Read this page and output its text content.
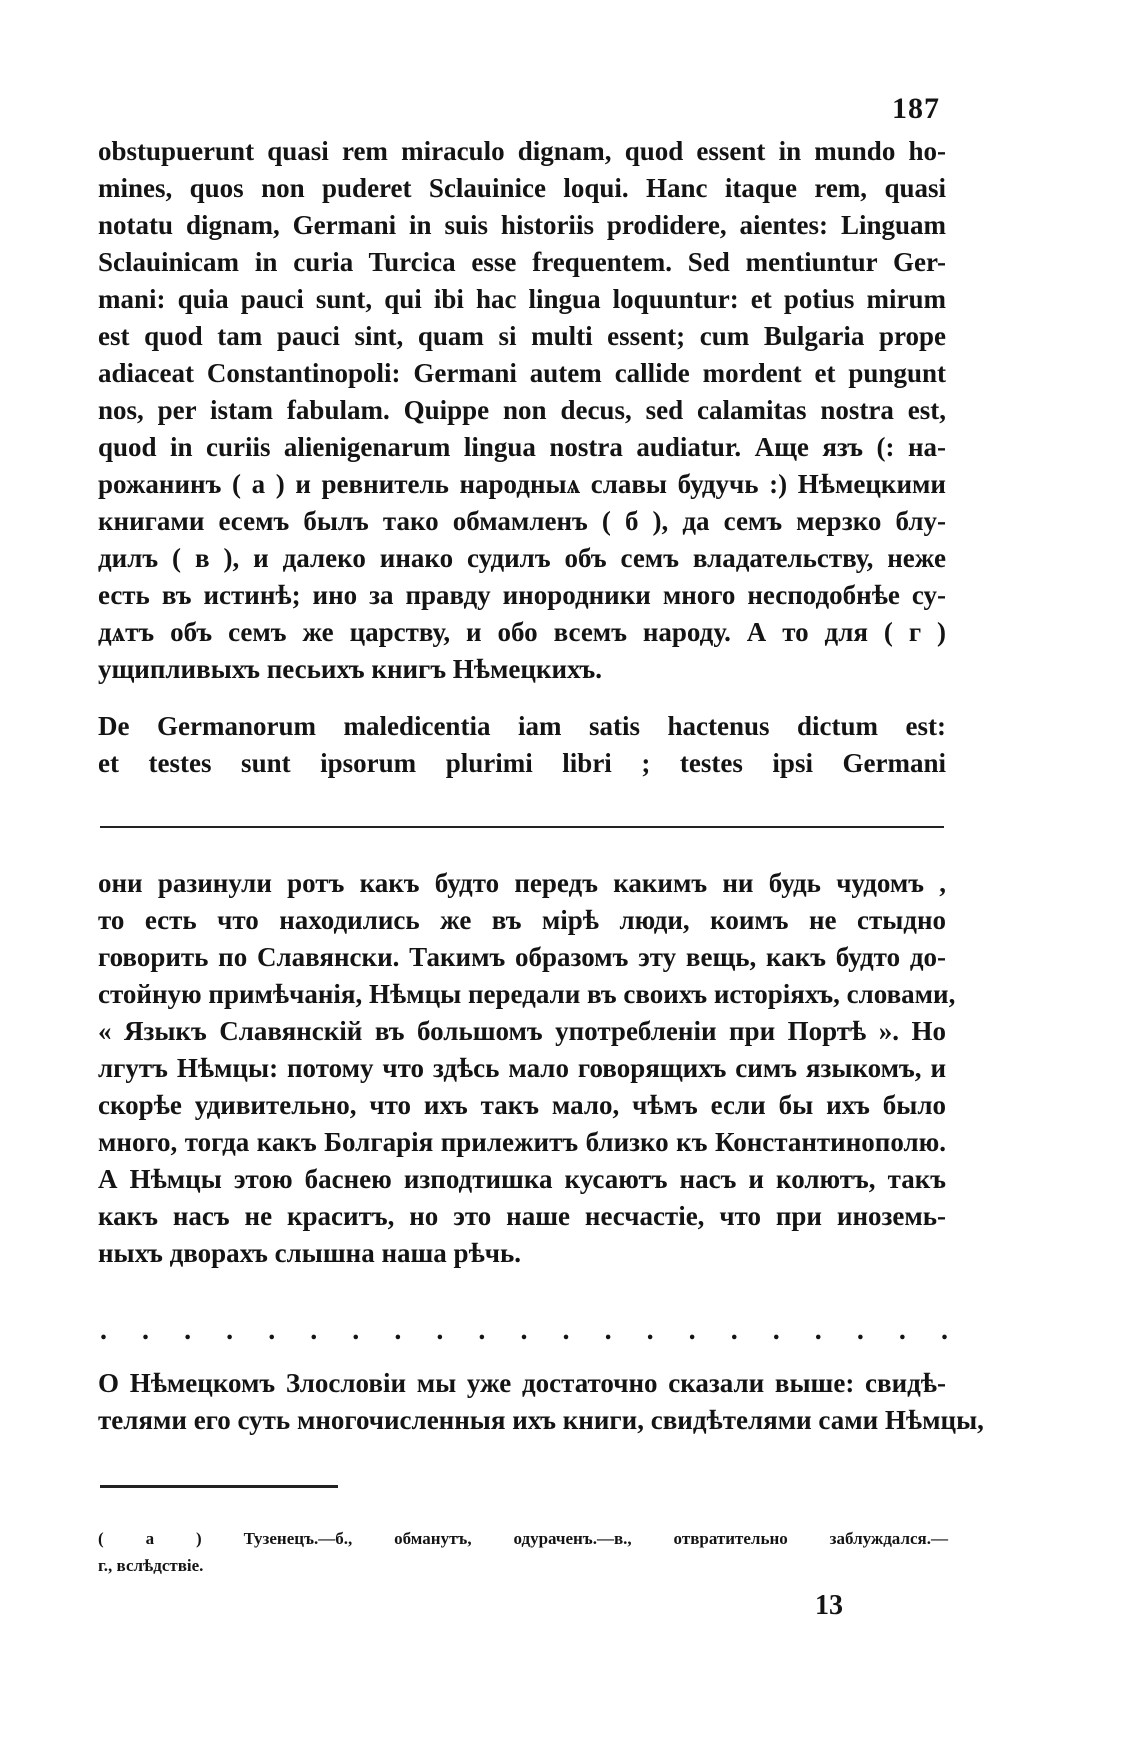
187
obstupuerunt quasi rem miraculo dignam, quod essent in mundo ho-
mines, quos non puderet Sclauinice loqui. Hanc itaque rem, quasi
notatu dignam, Germani in suis historiis prodidere, aientes: Linguam
Sclauinicam in curia Turcica esse frequentem. Sed mentiuntur Ger-
mani: quia pauci sunt, qui ibi hac lingua loquuntur: et potius mirum
est quod tam pauci sint, quam si multi essent; cum Bulgaria prope
adiaceat Constantinopoli: Germani autem callide mordent et pungunt
nos, per istam fabulam. Quippe non decus, sed calamitas nostra est,
quod in curiis alienigenarum lingua nostra audiatur. Аще язъ (: на-
рожанинъ ( а ) и ревнитель народныѧ славы будучь :) Нѣмецкими
книгами есемъ былъ тако обмамленъ ( б ), да семъ мерзко блу-
дилъ ( в ), и далеко инако судилъ объ семъ владательству, неже
есть въ истинѣ; ино за правду инородники много несподобнѣе су-
дѧтъ объ семъ же царству, и обо всемъ народу. А то для ( г )
ущипливыхъ песьихъ книгъ Нѣмецкихъ.
De Germanorum maledicentia iam satis hactenus dictum est:
et testes sunt ipsorum plurimi libri ; testes ipsi Germani
они разинули ротъ какъ будто передъ какимъ ни будь чудомъ ,
то есть что находились же въ мірѣ люди, коимъ не стыдно
говорить по Славянски. Такимъ образомъ эту вещь, какъ будто до-
стойную примѣчанія, Нѣмцы передали въ своихъ исторіяхъ, словами,
« Языкъ Славянскій въ большомъ употребленіи при Портѣ ». Но
лгутъ Нѣмцы: потому что здѣсь мало говорящихъ симъ языкомъ, и
скорѣе удивительно, что ихъ такъ мало, чѣмъ если бы ихъ было
много, тогда какъ Болгарія прилежитъ близко къ Константинополю.
А Нѣмцы этою баснею изподтишка кусаютъ насъ и колютъ, такъ
какъ насъ не краситъ, но это наше несчастіе, что при иноземь-
ныхъ дворахъ слышна наша рѣчь.
. . . . . . . . . . . . . . . . . . . . .
О Нѣмецкомъ Злословіи мы уже достаточно сказали выше: свидѣ-
телями его суть многочисленныя ихъ книги, свидѣтелями сами Нѣмцы,
( а ) Тузенецъ.—б., обманутъ, одураченъ.—в., отвратительно заблуждался.—
г., вслѣдствіе.
13
